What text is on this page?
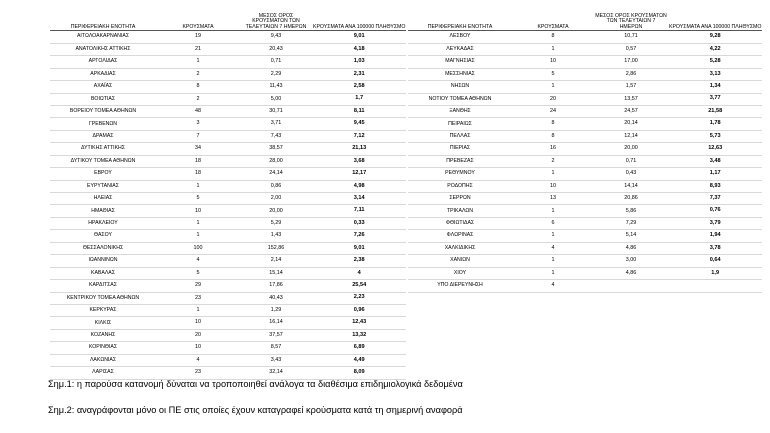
ΠΕΡΙΦΕΡΕΙΑΚΗ ΕΝΟΤΗΤΑ	ΚΡΟΥΣΜΑΤΑ	ΜΕΣΟΣ ΟΡΟΣ ΚΡΟΥΣΜΑΤΩΝ ΤΩΝ ΤΕΛΕΥΤΑΙΩΝ 7 ΗΜΕΡΩΝ	ΚΡΟΥΣΜΑΤΑ ΑΝΑ 100000 ΠΛΗΘΥΣΜΟ
ΑΙΤΩΛΟΑΚΑΡΝΑΝΙΑΣ	19	9,43	9,01
ΑΝΑΤΟΛΙΚΗΣ ΑΤΤΙΚΗΣ	21	20,43	4,18
ΑΡΓΟΛΙΔΑΣ	1	0,71	1,03
ΑΡΚΑΔΙΑΣ	2	2,29	2,31
ΑΧΑΪΑΣ	8	11,43	2,58
ΒΟΙΩΤΙΑΣ	2	5,00	1,7
ΒΟΡΕΙΟΥ ΤΟΜΕΑ ΑΘΗΝΩΝ	48	30,71	8,11
ΓΡΕΒΕΝΩΝ	3	3,71	9,45
ΔΡΑΜΑΣ	7	7,43	7,12
ΔΥΤΙΚΗΣ ΑΤΤΙΚΗΣ	34	38,57	21,13
ΔΥΤΙΚΟΥ ΤΟΜΕΑ ΑΘΗΝΩΝ	18	28,00	3,68
ΕΒΡΟΥ	18	24,14	12,17
ΕΥΡΥΤΑΝΙΑΣ	1	0,86	4,98
ΗΛΕΙΑΣ	5	2,00	3,14
ΗΜΑΘΙΑΣ	10	20,00	7,11
ΗΡΑΚΛΕΙΟΥ	1	5,29	0,33
ΘΑΣΟΥ	1	1,43	7,26
ΘΕΣΣΑΛΟΝΙΚΗΣ	100	152,86	9,01
ΙΩΑΝΝΙΝΩΝ	4	2,14	2,38
ΚΑΒΑΛΑΣ	5	15,14	4
ΚΑΡΔΙΤΣΑΣ	29	17,86	25,54
ΚΕΝΤΡΙΚΟΥ ΤΟΜΕΑ ΑΘΗΝΩΝ	23	40,43	2,23
ΚΕΡΚΥΡΑΣ	1	1,29	0,96
ΚΙΛΚΙΣ	10	16,14	12,43
ΚΟΖΑΝΗΣ	20	37,57	13,32
ΚΟΡΙΝΘΙΑΣ	10	8,57	6,89
ΛΑΚΩΝΙΑΣ	4	3,43	4,49
ΛΑΡΙΣΑΣ	23	32,14	8,09
ΠΕΡΙΦΕΡΕΙΑΚΗ ΕΝΟΤΗΤΑ	ΚΡΟΥΣΜΑΤΑ	ΜΕΣΟΣ ΟΡΟΣ ΚΡΟΥΣΜΑΤΩΝ ΤΩΝ ΤΕΛΕΥΤΑΙΩΝ 7 ΗΜΕΡΩΝ	ΚΡΟΥΣΜΑΤΑ ΑΝΑ 100000 ΠΛΗΘΥΣΜΟ
ΛΕΣΒΟΥ	8	10,71	9,28
ΛΕΥΚΑΔΑΣ	1	0,57	4,22
ΜΑΓΝΗΣΙΑΣ	10	17,00	5,28
ΜΕΣΣΗΝΙΑΣ	5	2,86	3,13
ΝΗΣΩΝ	1	1,57	1,34
ΝΟΤΙΟΥ ΤΟΜΕΑ ΑΘΗΝΩΝ	20	13,57	3,77
ΞΑΝΘΗΣ	24	24,57	21,58
ΠΕΙΡΑΙΩΣ	8	20,14	1,78
ΠΕΛΛΑΣ	8	12,14	5,73
ΠΙΕΡΙΑΣ	16	20,00	12,63
ΠΡΕΒΕΖΑΣ	2	0,71	3,48
ΡΕΘΥΜΝΟΥ	1	0,43	1,17
ΡΟΔΟΠΗΣ	10	14,14	8,93
ΣΕΡΡΩΝ	13	20,86	7,37
ΤΡΙΚΑΛΩΝ	1	5,86	0,76
ΦΘΙΩΤΙΔΑΣ	6	7,29	3,79
ΦΛΩΡΙΝΑΣ	1	5,14	1,94
ΧΑΛΚΙΔΙΚΗΣ	4	4,86	3,78
ΧΑΝΙΩΝ	1	3,00	0,64
ΧΙΟΥ	1	4,86	1,9
ΥΠΟ ΔΙΕΡΕΥΝΗΣΗ	4		
Σημ.1: η παρούσα κατανομή δύναται να τροποποιηθεί ανάλογα τα διαθέσιμα επιδημιολογικά δεδομένα
Σημ.2: αναγράφονται μόνο οι ΠΕ στις οποίες έχουν καταγραφεί κρούσματα κατά τη σημερινή αναφορά
